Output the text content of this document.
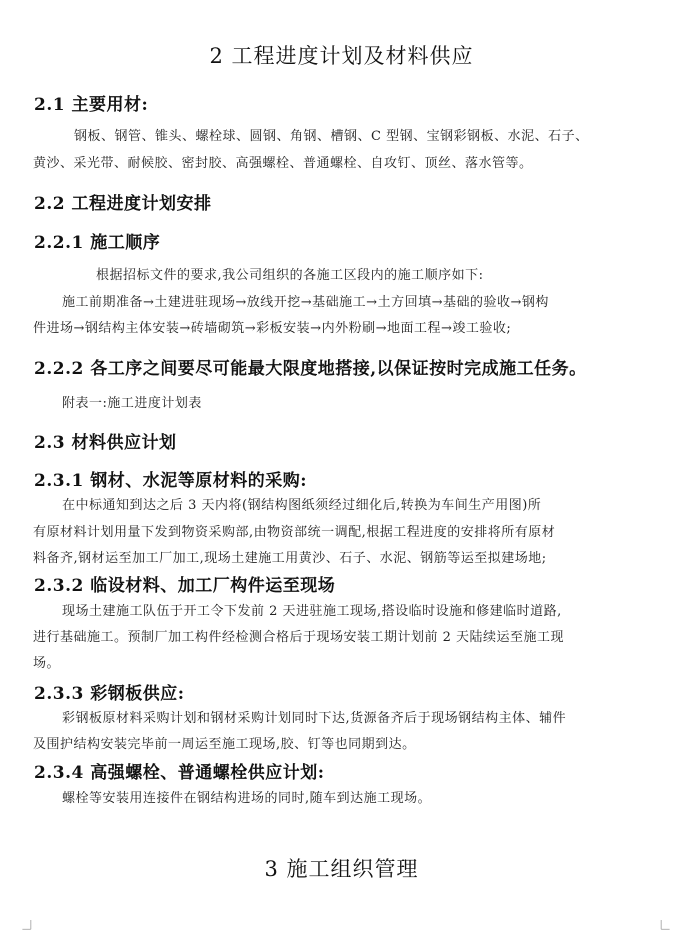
2 工程进度计划及材料供应
2.1 主要用材:
钢板、钢管、锥头、螺栓球、圆钢、角钢、槽钢、C 型钢、宝钢彩钢板、水泥、石子、
黄沙、采光带、耐候胶、密封胶、高强螺栓、普通螺栓、自攻钉、顶丝、落水管等。
2.2 工程进度计划安排
2.2.1 施工顺序
根据招标文件的要求,我公司组织的各施工区段内的施工顺序如下:
施工前期准备→土建进驻现场→放线开挖→基础施工→土方回填→基础的验收→钢构
件进场→钢结构主体安装→砖墙砌筑→彩板安装→内外粉刷→地面工程→竣工验收;
2.2.2 各工序之间要尽可能最大限度地搭接,以保证按时完成施工任务。
附表一:施工进度计划表
2.3 材料供应计划
2.3.1 钢材、水泥等原材料的采购:
在中标通知到达之后 3 天内将(钢结构图纸须经过细化后,转换为车间生产用图)所
有原材料计划用量下发到物资采购部,由物资部统一调配,根据工程进度的安排将所有原材
料备齐,钢材运至加工厂加工,现场土建施工用黄沙、石子、水泥、钢筋等运至拟建场地;
2.3.2 临设材料、加工厂构件运至现场
现场土建施工队伍于开工令下发前 2 天进驻施工现场,搭设临时设施和修建临时道路,
进行基础施工。预制厂加工构件经检测合格后于现场安装工期计划前 2 天陆续运至施工现
场。
2.3.3 彩钢板供应:
彩钢板原材料采购计划和钢材采购计划同时下达,货源备齐后于现场钢结构主体、辅件
及围护结构安装完毕前一周运至施工现场,胶、钉等也同期到达。
2.3.4 高强螺栓、普通螺栓供应计划:
螺栓等安装用连接件在钢结构进场的同时,随车到达施工现场。
3 施工组织管理
